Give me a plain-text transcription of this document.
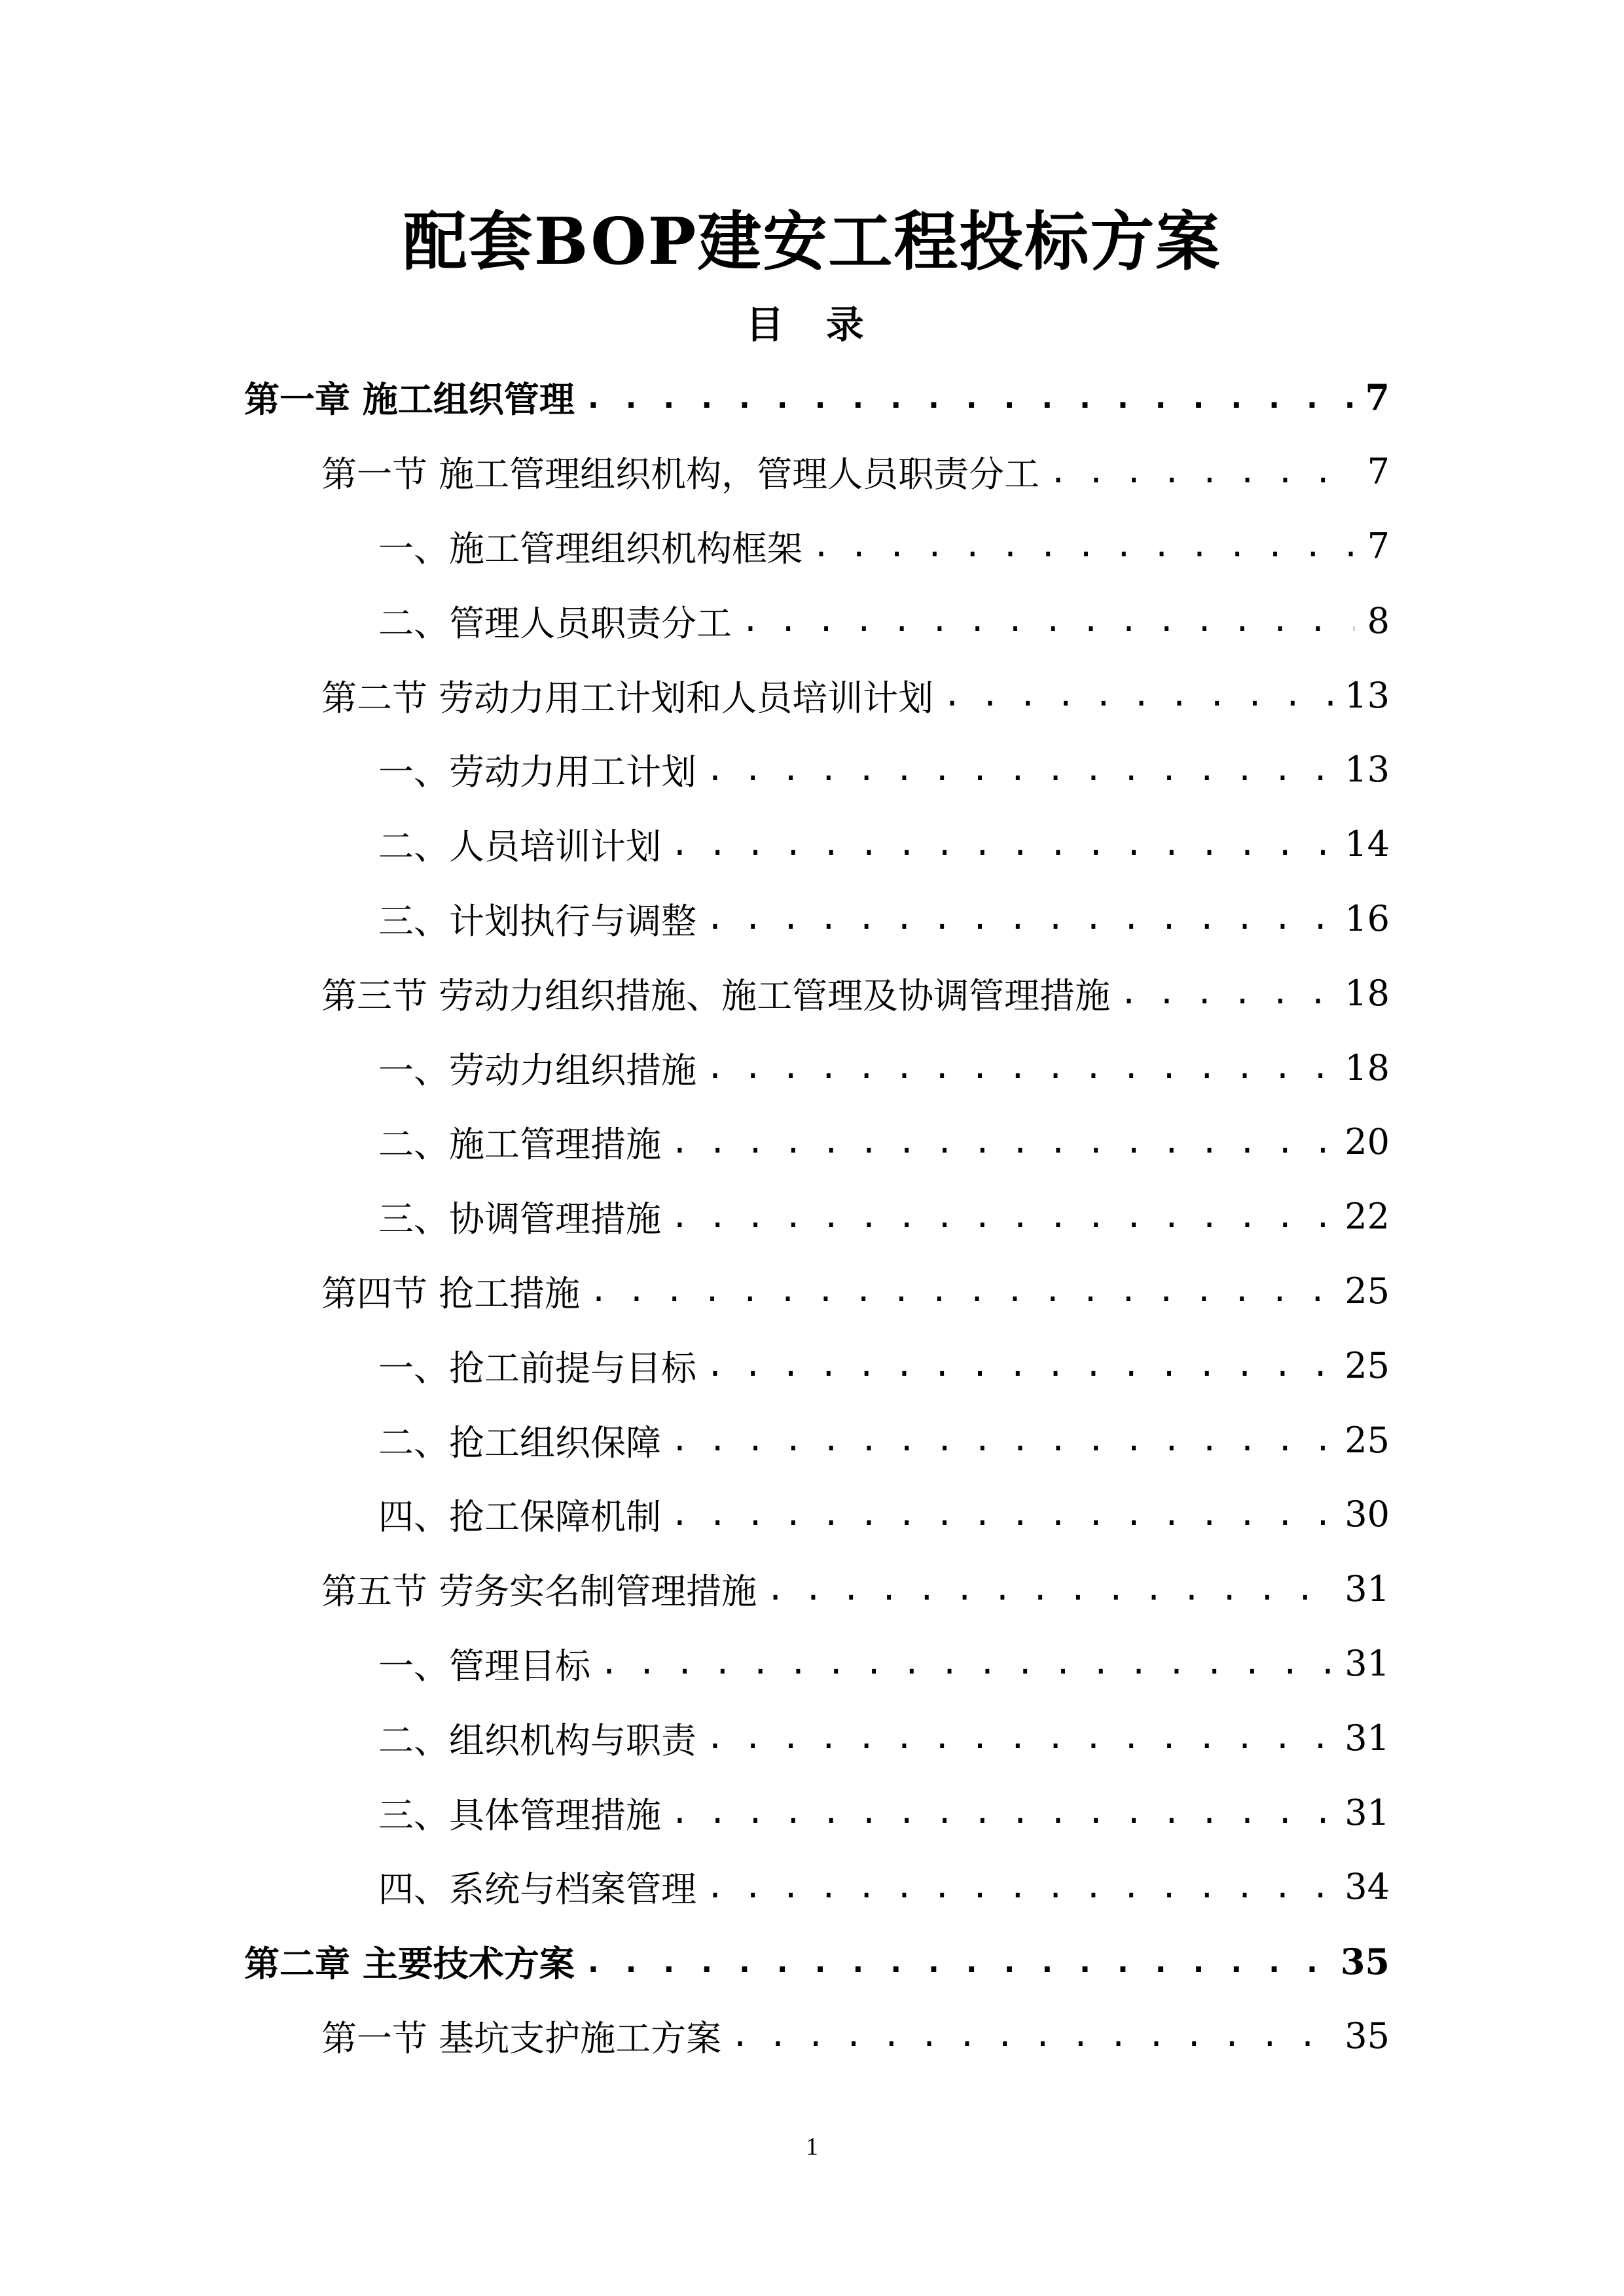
配套BOP建安工程投标方案
目 录
第一章 施工组织管理 . . .	7
第一节 施工管理组织机构，管理人员职责分工 . . .	7
一、施工管理组织机构框架 . . .	7
二、管理人员职责分工 . . .	8
第二节 劳动力用工计划和人员培训计划 . . .	13
一、劳动力用工计划 . . .	13
二、人员培训计划 . . .	14
三、计划执行与调整 . . .	16
第三节 劳动力组织措施、施工管理及协调管理措施 . . .	18
一、劳动力组织措施 . . .	18
二、施工管理措施 . . .	20
三、协调管理措施 . . .	22
第四节 抢工措施 . . .	25
一、抢工前提与目标 . . .	25
二、抢工组织保障 . . .	25
四、抢工保障机制 . . .	30
第五节 劳务实名制管理措施 . . .	31
一、管理目标 . . .	31
二、组织机构与职责 . . .	31
三、具体管理措施 . . .	31
四、系统与档案管理 . . .	34
第二章 主要技术方案 . . .	35
第一节 基坑支护施工方案 . . .	35
1
